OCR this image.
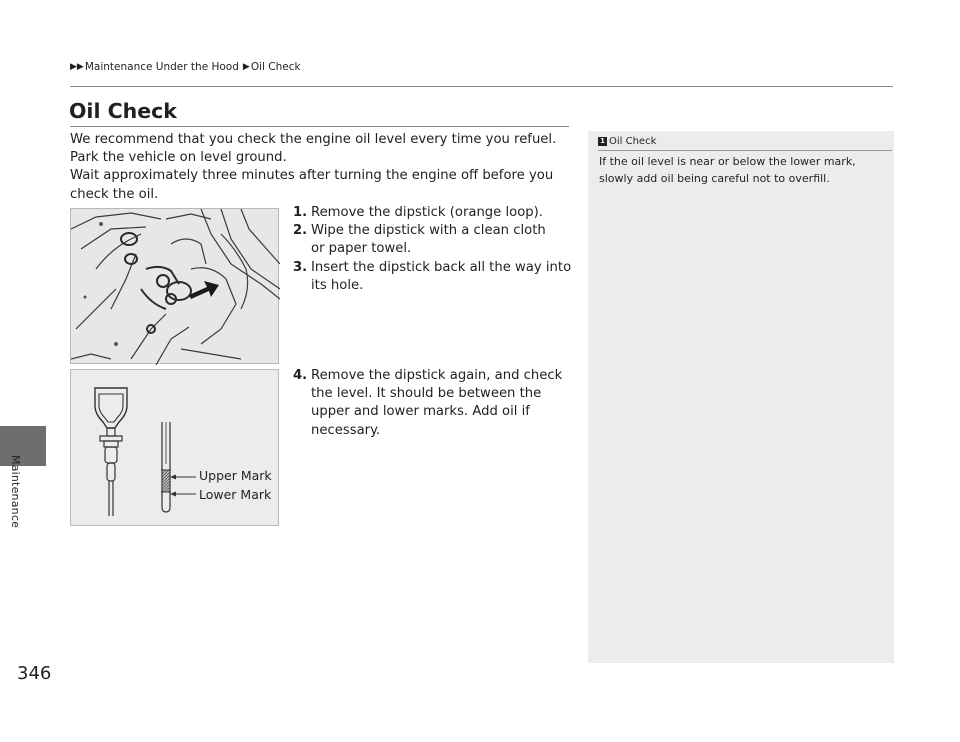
Maintenance
▶▶ Maintenance Under the Hood ▶ Oil Check
Oil Check

We recommend that you check the engine oil level every time you refuel.

Park the vehicle on level ground.

Wait approximately three minutes after turning the engine off before you check the oil.

1. Remove the dipstick (orange loop).
2. Wipe the dipstick with a clean cloth or paper towel.
3. Insert the dipstick back all the way into its hole.
4. Remove the dipstick again, and check the level. It should be between the upper and lower marks. Add oil if necessary.
Upper Mark
Lower Mark
1 Oil Check
If the oil level is near or below the lower mark, slowly add oil being careful not to overfill.
346
